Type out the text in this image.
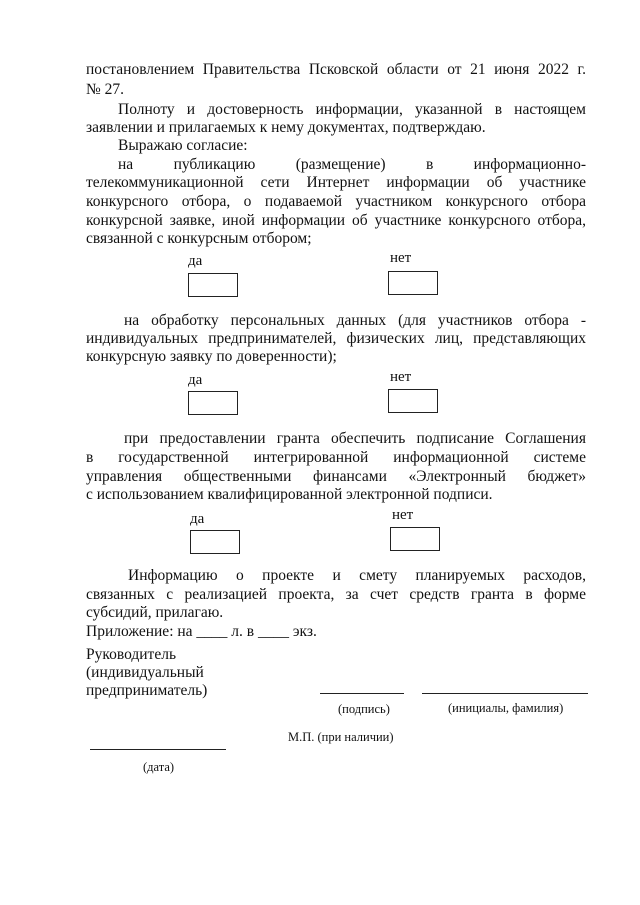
постановлением Правительства Псковской области от 21 июня 2022 г.
№ 27.
Полноту и достоверность информации, указанной в настоящем
заявлении и прилагаемых к нему документах, подтверждаю.
Выражаю согласие:
на публикацию (размещение) в информационно-
телекоммуникационной сети Интернет информации об участнике
конкурсного отбора, о подаваемой участником конкурсного отбора
конкурсной заявке, иной информации об участнике конкурсного отбора,
связанной с конкурсным отбором;
да	нет
на обработку персональных данных (для участников отбора -
индивидуальных предпринимателей, физических лиц, представляющих
конкурсную заявку по доверенности);
да	нет
при предоставлении гранта обеспечить подписание Соглашения
в государственной интегрированной информационной системе
управления общественными финансами «Электронный бюджет»
с использованием квалифицированной электронной подписи.
да	нет
Информацию о проекте и смету планируемых расходов,
связанных с реализацией проекта, за счет средств гранта в форме
субсидий, прилагаю.
Приложение: на ____ л. в ____ экз.
Руководитель
(индивидуальный
предприниматель)
(подпись)	(инициалы, фамилия)
М.П. (при наличии)
(дата)
